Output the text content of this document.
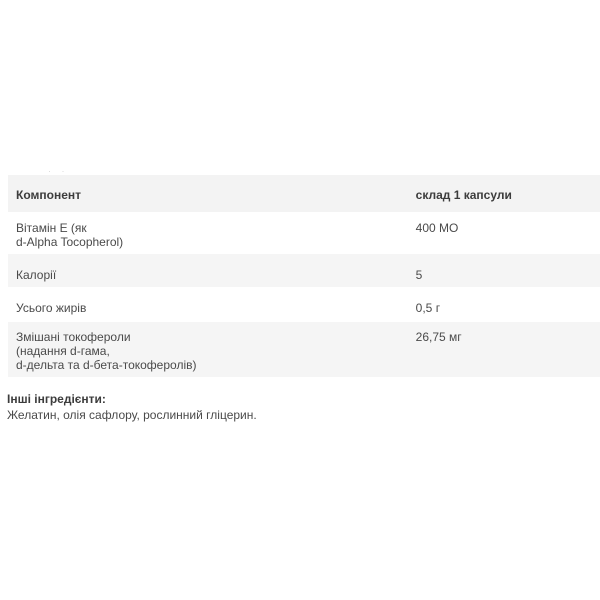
· ·
Компонент	склад 1 капсули

Вітамін Е (як
d-Alpha Tocopherol)	400 МО

Калорії	5

Усього жирів	0,5 г

Змішані токофероли
(надання d-гама,
d-дельта та d-бета-токоферолів)	26,75 мг
Інші інгредієнти:
Желатин, олія сафлору, рослинний гліцерин.
